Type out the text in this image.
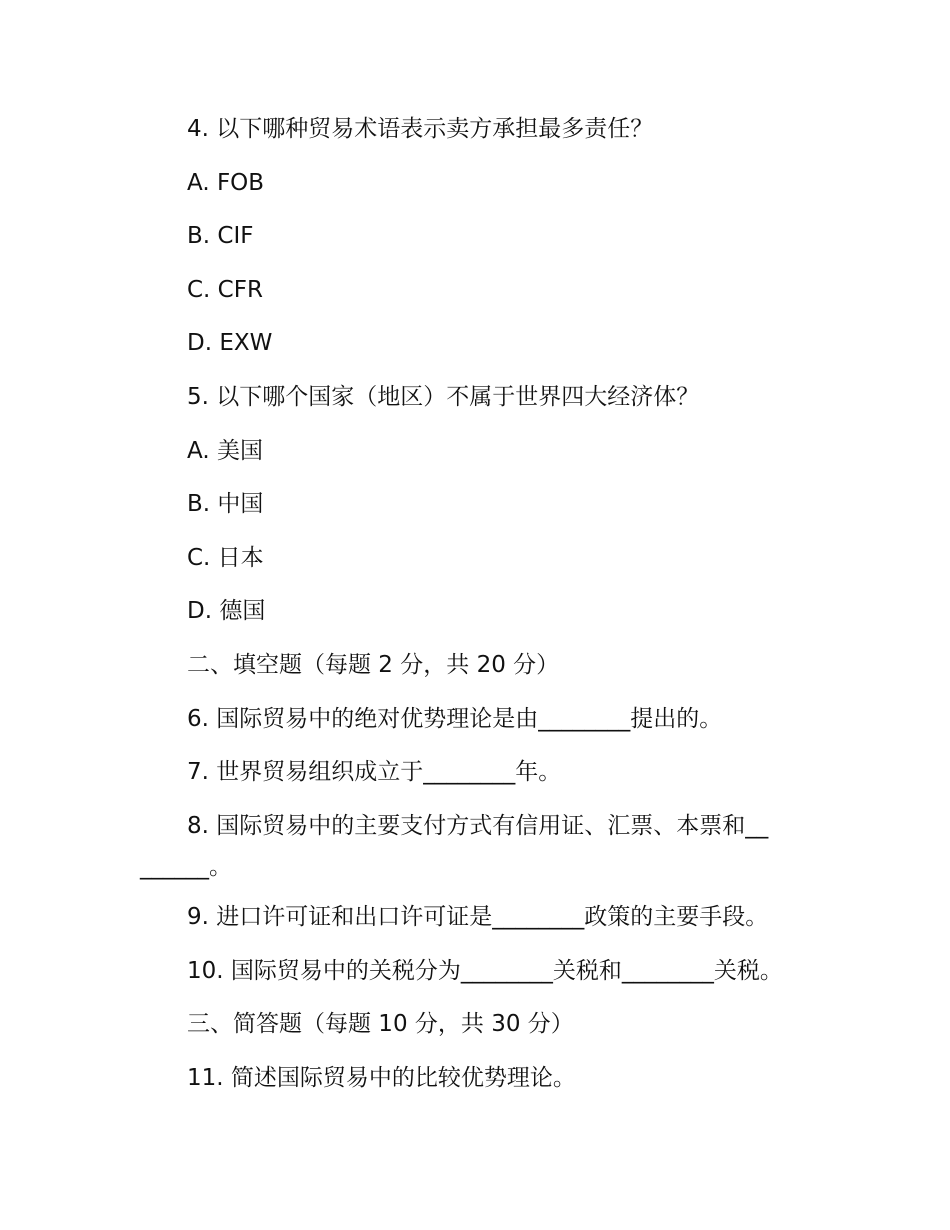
4. 以下哪种贸易术语表示卖方承担最多责任？
A. FOB
B. CIF
C. CFR
D. EXW
5. 以下哪个国家（地区）不属于世界四大经济体？
A. 美国
B. 中国
C. 日本
D. 德国
二、填空题（每题 2 分，共 20 分）
6. 国际贸易中的绝对优势理论是由________提出的。
7. 世界贸易组织成立于________年。
8. 国际贸易中的主要支付方式有信用证、汇票、本票和__
______。
9. 进口许可证和出口许可证是________政策的主要手段。
10. 国际贸易中的关税分为________关税和________关税。
三、简答题（每题 10 分，共 30 分）
11. 简述国际贸易中的比较优势理论。
